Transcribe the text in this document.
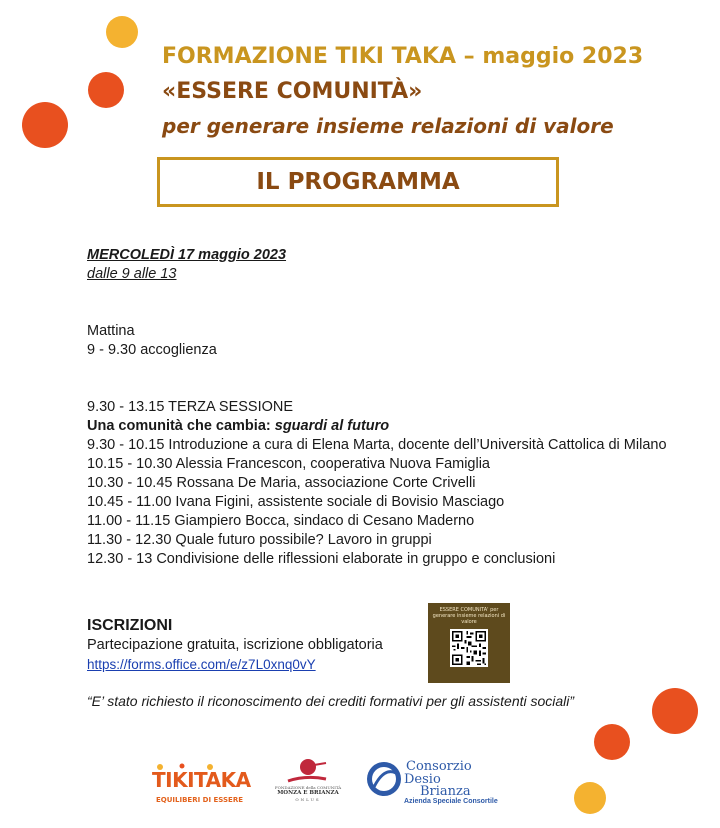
FORMAZIONE TIKI TAKA – maggio 2023
«ESSERE COMUNITÀ»
per generare insieme relazioni di valore
IL PROGRAMMA
MERCOLEDÌ 17 maggio 2023
dalle 9 alle 13
Mattina
9 - 9.30 accoglienza
9.30 - 13.15 TERZA SESSIONE
Una comunità che cambia: sguardi al futuro
9.30 - 10.15 Introduzione a cura di Elena Marta, docente dell’Università Cattolica di Milano
10.15 - 10.30 Alessia Francescon, cooperativa Nuova Famiglia
10.30 - 10.45 Rossana De Maria, associazione Corte Crivelli
10.45 - 11.00 Ivana Figini, assistente sociale di Bovisio Masciago
11.00 - 11.15 Giampiero Bocca, sindaco di Cesano Maderno
11.30 - 12.30 Quale futuro possibile? Lavoro in gruppi
12.30 - 13 Condivisione delle riflessioni elaborate in gruppo e conclusioni
ISCRIZIONI
Partecipazione gratuita, iscrizione obbligatoria
https://forms.office.com/e/z7L0xnq0vY
ESSERE COMUNITA' per generare insieme relazioni di valore
“E’ stato richiesto il riconoscimento dei crediti formativi per gli assistenti sociali”
TIKITAKA
EQUILIBERI DI ESSERE
FONDAZIONE della COMUNITÀ
MONZA E BRIANZA
ONLUS
Consorzio
Desio
Brianza
Azienda Speciale Consortile
